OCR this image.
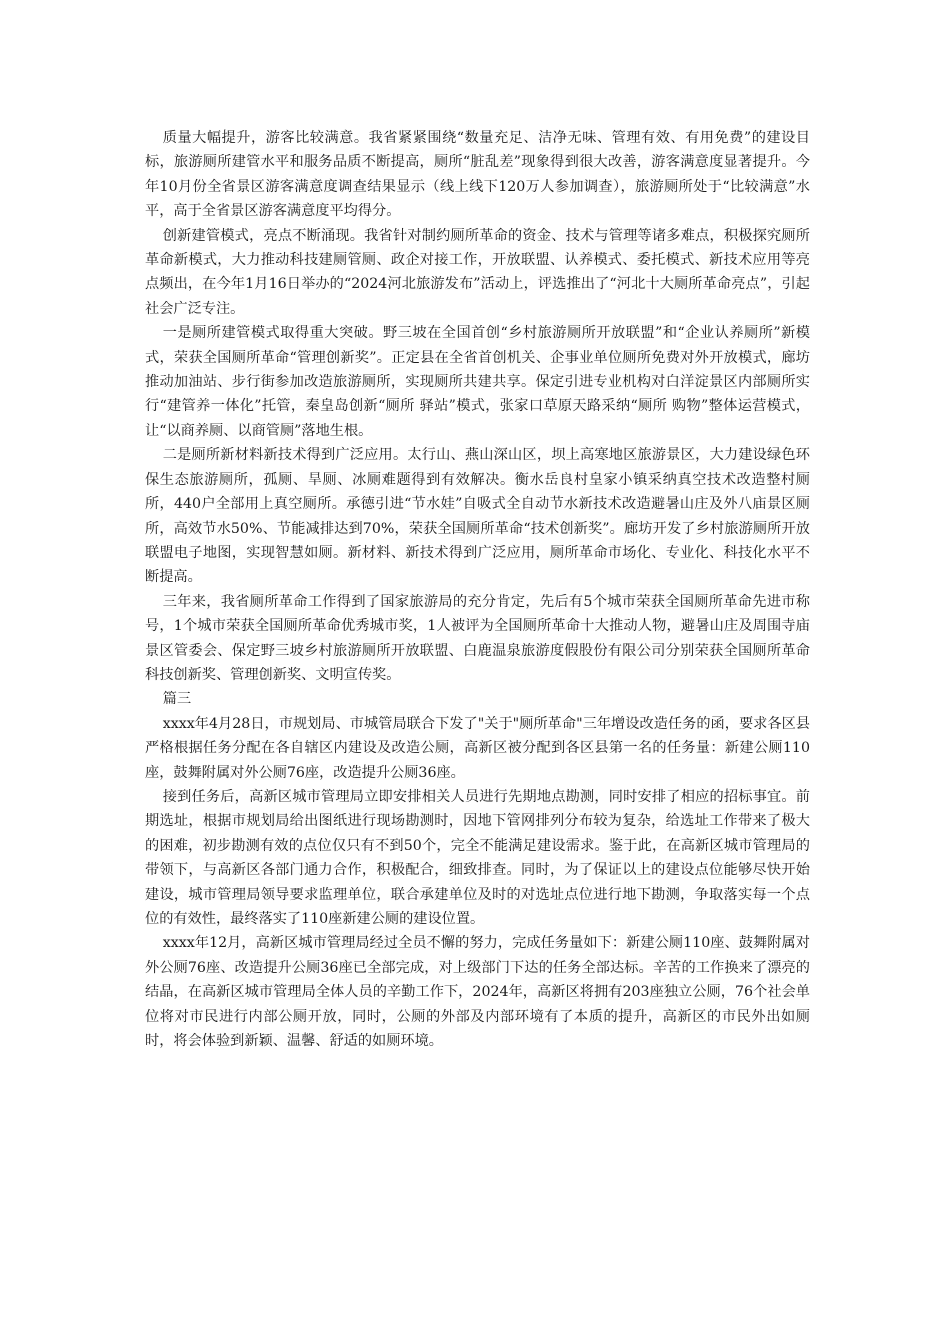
质量大幅提升，游客比较满意。我省紧紧围绕“数量充足、洁净无味、管理有效、有用免费”的建设目标，旅游厕所建管水平和服务品质不断提高，厕所“脏乱差”现象得到很大改善，游客满意度显著提升。今年10月份全省景区游客满意度调查结果显示（线上线下120万人参加调查），旅游厕所处于“比较满意”水平，高于全省景区游客满意度平均得分。

创新建管模式，亮点不断涌现。我省针对制约厕所革命的资金、技术与管理等诸多难点，积极探究厕所革命新模式，大力推动科技建厕管厕、政企对接工作，开放联盟、认养模式、委托模式、新技术应用等亮点频出，在今年1月16日举办的“2024河北旅游发布”活动上，评选推出了“河北十大厕所革命亮点”，引起社会广泛专注。

一是厕所建管模式取得重大突破。野三坡在全国首创“乡村旅游厕所开放联盟”和“企业认养厕所”新模式，荣获全国厕所革命“管理创新奖”。正定县在全省首创机关、企事业单位厕所免费对外开放模式，廊坊推动加油站、步行街参加改造旅游厕所，实现厕所共建共享。保定引进专业机构对白洋淀景区内部厕所实行“建管养一体化”托管，秦皇岛创新“厕所 驿站”模式，张家口草原天路采纳“厕所 购物”整体运营模式，让“以商养厕、以商管厕”落地生根。

二是厕所新材料新技术得到广泛应用。太行山、燕山深山区，坝上高寒地区旅游景区，大力建设绿色环保生态旅游厕所，孤厕、旱厕、冰厕难题得到有效解决。衡水岳良村皇家小镇采纳真空技术改造整村厕所，440户全部用上真空厕所。承德引进“节水娃”自吸式全自动节水新技术改造避暑山庄及外八庙景区厕所，高效节水50%、节能减排达到70%，荣获全国厕所革命“技术创新奖”。廊坊开发了乡村旅游厕所开放联盟电子地图，实现智慧如厕。新材料、新技术得到广泛应用，厕所革命市场化、专业化、科技化水平不断提高。

三年来，我省厕所革命工作得到了国家旅游局的充分肯定，先后有5个城市荣获全国厕所革命先进市称号，1个城市荣获全国厕所革命优秀城市奖，1人被评为全国厕所革命十大推动人物，避暑山庄及周围寺庙景区管委会、保定野三坡乡村旅游厕所开放联盟、白鹿温泉旅游度假股份有限公司分别荣获全国厕所革命科技创新奖、管理创新奖、文明宣传奖。

篇三

xxxx年4月28日，市规划局、市城管局联合下发了"关于"厕所革命"三年增设改造任务的函，要求各区县严格根据任务分配在各自辖区内建设及改造公厕，高新区被分配到各区县第一名的任务量：新建公厕110座，鼓舞附属对外公厕76座，改造提升公厕36座。

接到任务后，高新区城市管理局立即安排相关人员进行先期地点勘测，同时安排了相应的招标事宜。前期选址，根据市规划局给出图纸进行现场勘测时，因地下管网排列分布较为复杂，给选址工作带来了极大的困难，初步勘测有效的点位仅只有不到50个，完全不能满足建设需求。鉴于此，在高新区城市管理局的带领下，与高新区各部门通力合作，积极配合，细致排查。同时，为了保证以上的建设点位能够尽快开始建设，城市管理局领导要求监理单位，联合承建单位及时的对选址点位进行地下勘测，争取落实每一个点位的有效性，最终落实了110座新建公厕的建设位置。

xxxx年12月，高新区城市管理局经过全员不懈的努力，完成任务量如下：新建公厕110座、鼓舞附属对外公厕76座、改造提升公厕36座已全部完成，对上级部门下达的任务全部达标。辛苦的工作换来了漂亮的结晶，在高新区城市管理局全体人员的辛勤工作下，2024年，高新区将拥有203座独立公厕，76个社会单位将对市民进行内部公厕开放，同时，公厕的外部及内部环境有了本质的提升，高新区的市民外出如厕时，将会体验到新颖、温馨、舒适的如厕环境。
